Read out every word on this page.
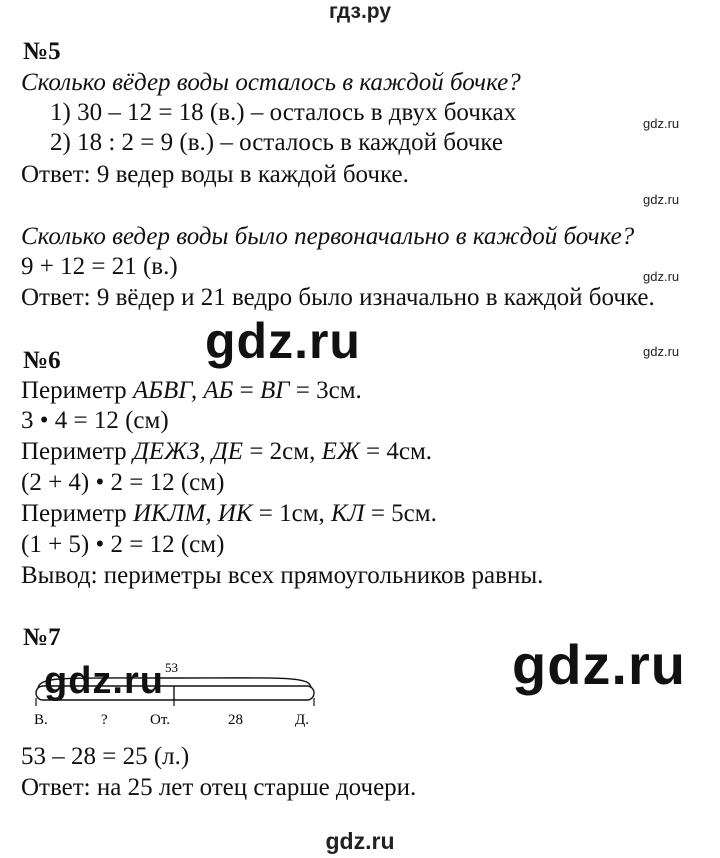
гдз.ру
№5
Сколько вёдер воды осталось в каждой бочке?
1) 30 – 12 = 18 (в.) – осталось в двух бочках
2) 18 : 2 = 9 (в.) – осталось в каждой бочке
Ответ: 9 ведер воды в каждой бочке.
Сколько ведер воды было первоначально в каждой бочке?
9 + 12 = 21 (в.)
Ответ: 9 вёдер и 21 ведро было изначально в каждой бочке.
gdz.ru
gdz.ru
gdz.ru
gdz.ru
gdz.ru
№6
Периметр АБВГ, АБ = ВГ = 3см.
3 • 4 = 12 (см)
Периметр ДЕЖЗ, ДЕ = 2см, ЕЖ = 4см.
(2 + 4) • 2 = 12 (см)
Периметр ИКЛМ, ИК = 1см, КЛ = 5см.
(1 + 5) • 2 = 12 (см)
Вывод: периметры всех прямоугольников равны.
№7	gdz.ru
53
В.	?	От.	28	Д.
gdz.ru
53 – 28 = 25 (л.)
Ответ: на 25 лет отец старше дочери.
gdz.ru
